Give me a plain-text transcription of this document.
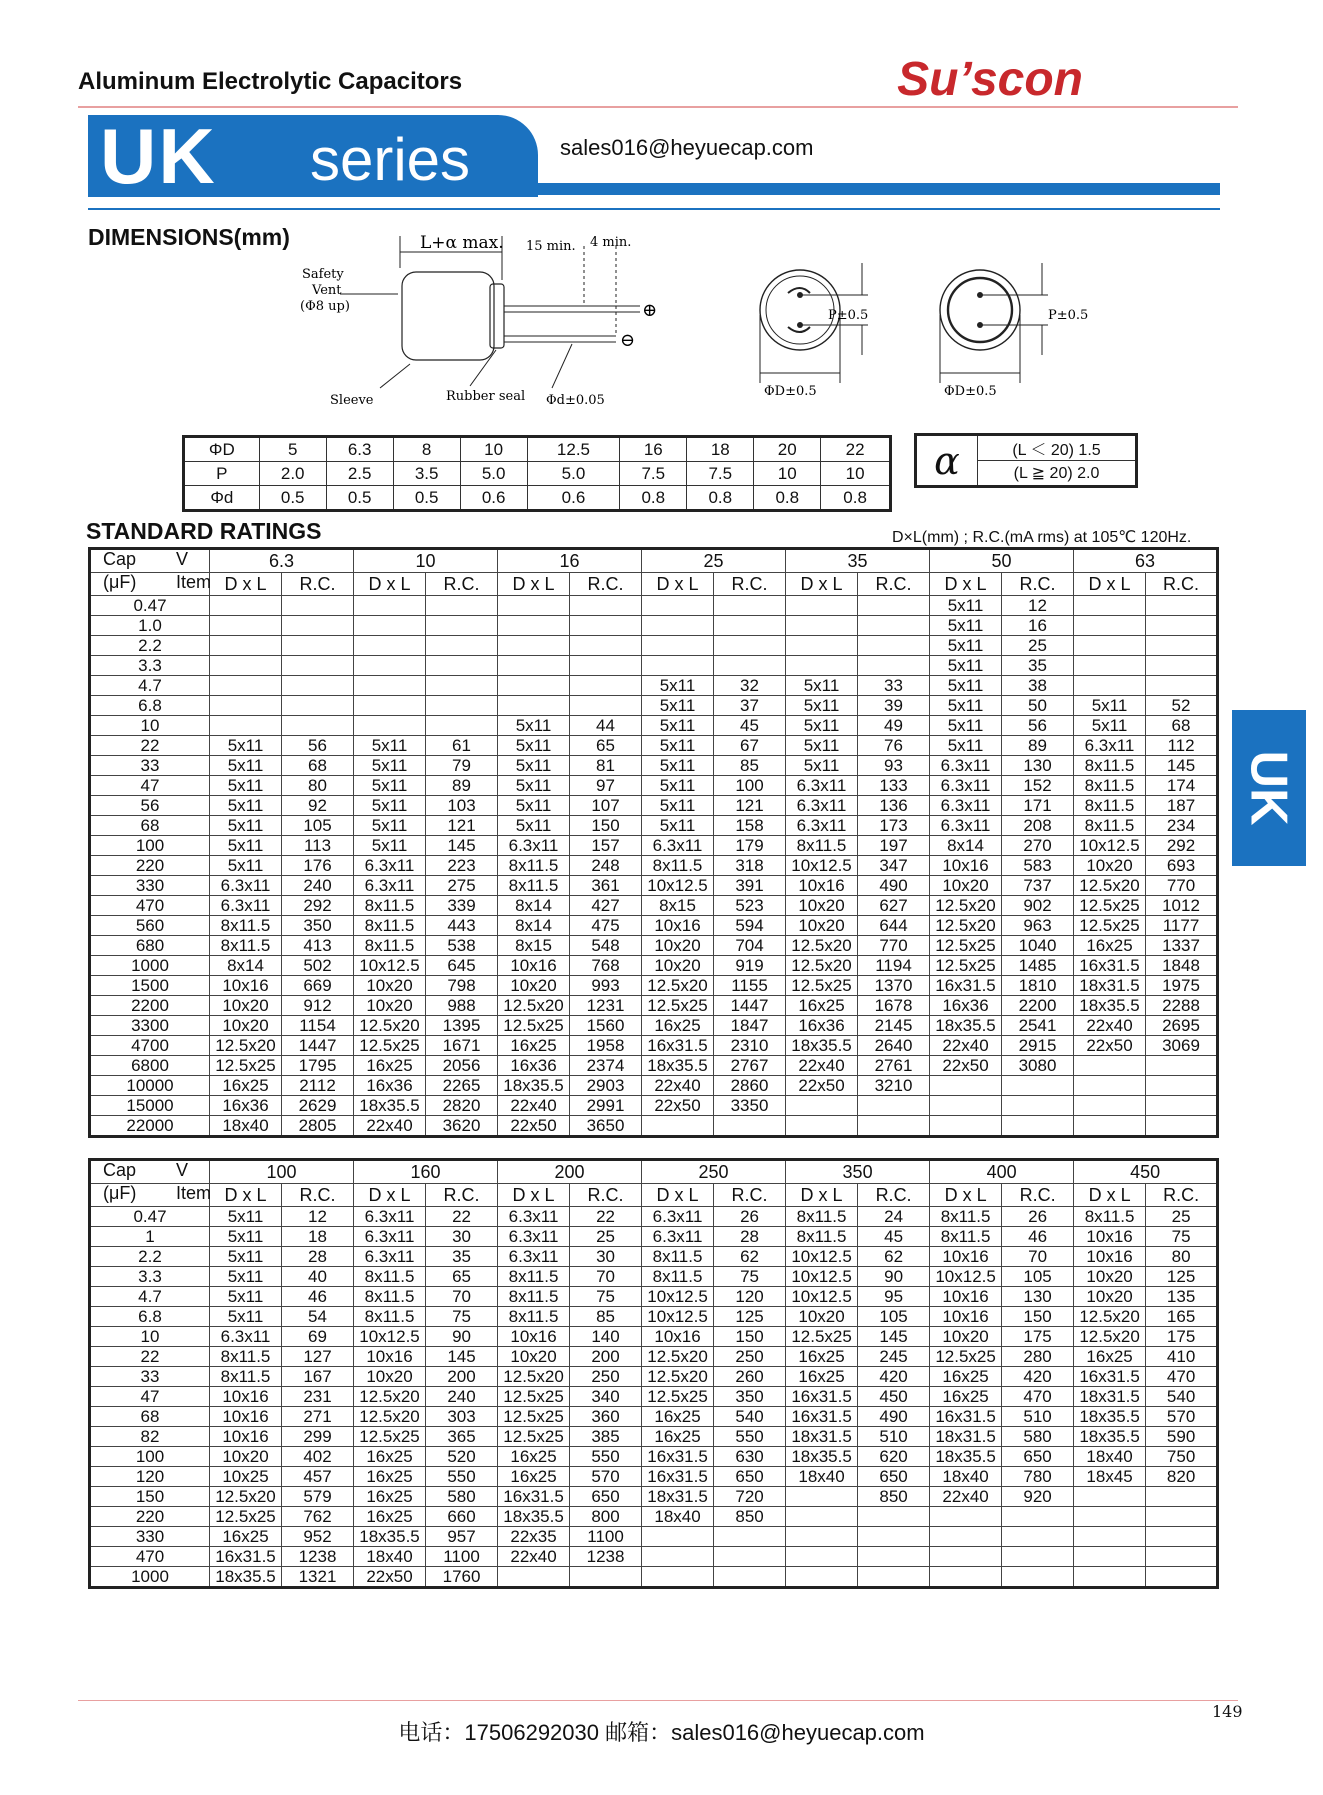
Aluminum Electrolytic Capacitors	Su’scon
UK series	sales016@heyuecap.com
DIMENSIONS(mm)	L+α max. 15 min. 4 min.
Safety
Vent
(Φ8 up)
Sleeve	Rubber seal Φd±0.05
⊕
⊖
P±0.5
ΦD±0.5
P±0.5
ΦD±0.5
ΦD	5	6.3	8	10	12.5	16	18	20	22
P	2.0	2.5	3.5	5.0	5.0	7.5	7.5	10	10
Φd	0.5	0.5	0.5	0.6	0.6	0.8	0.8	0.8	0.8
α	(L ＜ 20) 1.5
(L ≧ 20) 2.0
STANDARD RATINGS	D×L(mm) ; R.C.(mA rms) at 105℃ 120Hz.
Cap V	6.3		10		16		25		35		50		63	

(μF) Item	D x L	R.C.	D x L	R.C.	D x L	R.C.	D x L	R.C.	D x L	R.C.	D x L	R.C.	D x L	R.C.
0.47											5x11	12		
1.0											5x11	16		
2.2											5x11	25		
3.3											5x11	35		
4.7							5x11	32	5x11	33	5x11	38		
6.8							5x11	37	5x11	39	5x11	50	5x11	52
10					5x11	44	5x11	45	5x11	49	5x11	56	5x11	68
22	5x11	56	5x11	61	5x11	65	5x11	67	5x11	76	5x11	89	6.3x11	112
33	5x11	68	5x11	79	5x11	81	5x11	85	5x11	93	6.3x11	130	8x11.5	145
47	5x11	80	5x11	89	5x11	97	5x11	100	6.3x11	133	6.3x11	152	8x11.5	174
56	5x11	92	5x11	103	5x11	107	5x11	121	6.3x11	136	6.3x11	171	8x11.5	187
68	5x11	105	5x11	121	5x11	150	5x11	158	6.3x11	173	6.3x11	208	8x11.5	234
100	5x11	113	5x11	145	6.3x11	157	6.3x11	179	8x11.5	197	8x14	270	10x12.5	292
220	5x11	176	6.3x11	223	8x11.5	248	8x11.5	318	10x12.5	347	10x16	583	10x20	693
330	6.3x11	240	6.3x11	275	8x11.5	361	10x12.5	391	10x16	490	10x20	737	12.5x20	770
470	6.3x11	292	8x11.5	339	8x14	427	8x15	523	10x20	627	12.5x20	902	12.5x25	1012
560	8x11.5	350	8x11.5	443	8x14	475	10x16	594	10x20	644	12.5x20	963	12.5x25	1177
680	8x11.5	413	8x11.5	538	8x15	548	10x20	704	12.5x20	770	12.5x25	1040	16x25	1337
1000	8x14	502	10x12.5	645	10x16	768	10x20	919	12.5x20	1194	12.5x25	1485	16x31.5	1848
1500	10x16	669	10x20	798	10x20	993	12.5x20	1155	12.5x25	1370	16x31.5	1810	18x31.5	1975
2200	10x20	912	10x20	988	12.5x20	1231	12.5x25	1447	16x25	1678	16x36	2200	18x35.5	2288
3300	10x20	1154	12.5x20	1395	12.5x25	1560	16x25	1847	16x36	2145	18x35.5	2541	22x40	2695
4700	12.5x20	1447	12.5x25	1671	16x25	1958	16x31.5	2310	18x35.5	2640	22x40	2915	22x50	3069
6800	12.5x25	1795	16x25	2056	16x36	2374	18x35.5	2767	22x40	2761	22x50	3080		
10000	16x25	2112	16x36	2265	18x35.5	2903	22x40	2860	22x50	3210				
15000	16x36	2629	18x35.5	2820	22x40	2991	22x50	3350						
22000	18x40	2805	22x40	3620	22x50	3650								
Cap V	100		160		200		250		350		400		450	

(μF) Item	D x L	R.C.	D x L	R.C.	D x L	R.C.	D x L	R.C.	D x L	R.C.	D x L	R.C.	D x L	R.C.
0.47	5x11	12	6.3x11	22	6.3x11	22	6.3x11	26	8x11.5	24	8x11.5	26	8x11.5	25
1	5x11	18	6.3x11	30	6.3x11	25	6.3x11	28	8x11.5	45	8x11.5	46	10x16	75
2.2	5x11	28	6.3x11	35	6.3x11	30	8x11.5	62	10x12.5	62	10x16	70	10x16	80
3.3	5x11	40	8x11.5	65	8x11.5	70	8x11.5	75	10x12.5	90	10x12.5	105	10x20	125
4.7	5x11	46	8x11.5	70	8x11.5	75	10x12.5	120	10x12.5	95	10x16	130	10x20	135
6.8	5x11	54	8x11.5	75	8x11.5	85	10x12.5	125	10x20	105	10x16	150	12.5x20	165
10	6.3x11	69	10x12.5	90	10x16	140	10x16	150	12.5x25	145	10x20	175	12.5x20	175
22	8x11.5	127	10x16	145	10x20	200	12.5x20	250	16x25	245	12.5x25	280	16x25	410
33	8x11.5	167	10x20	200	12.5x20	250	12.5x20	260	16x25	420	16x25	420	16x31.5	470
47	10x16	231	12.5x20	240	12.5x25	340	12.5x25	350	16x31.5	450	16x25	470	18x31.5	540
68	10x16	271	12.5x20	303	12.5x25	360	16x25	540	16x31.5	490	16x31.5	510	18x35.5	570
82	10x16	299	12.5x25	365	12.5x25	385	16x25	550	18x31.5	510	18x31.5	580	18x35.5	590
100	10x20	402	16x25	520	16x25	550	16x31.5	630	18x35.5	620	18x35.5	650	18x40	750
120	10x25	457	16x25	550	16x25	570	16x31.5	650	18x40	650	18x40	780	18x45	820
150	12.5x20	579	16x25	580	16x31.5	650	18x31.5	720		850	22x40	920		
220	12.5x25	762	16x25	660	18x35.5	800	18x40	850						
330	16x25	952	18x35.5	957	22x35	1100								
470	16x31.5	1238	18x40	1100	22x40	1238								
1000	18x35.5	1321	22x50	1760										
UK
电话：17506292030 邮箱：sales016@heyuecap.com
149
